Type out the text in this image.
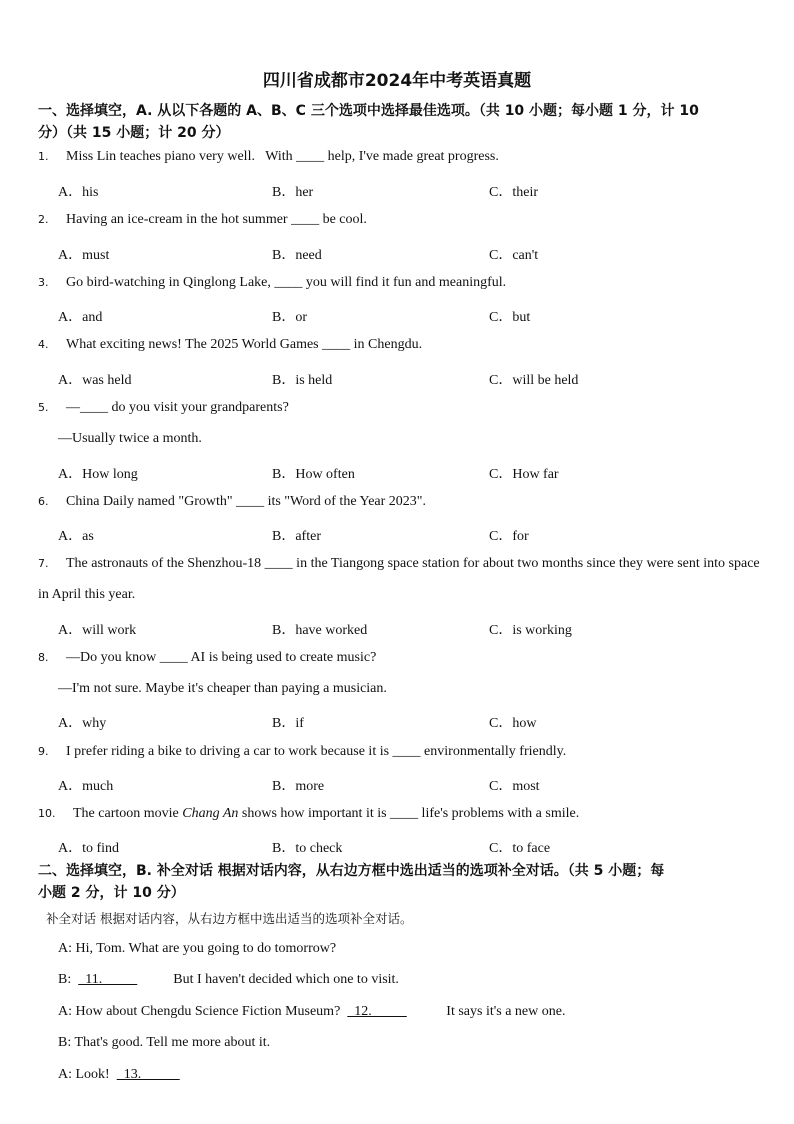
四川省成都市2024年中考英语真题
一、选择填空，A. 从以下各题的 A、B、C 三个选项中选择最佳选项。（共 10 小题；每小题 1 分，计 10
分）（共 15 小题；计 20 分）
1. Miss Lin teaches piano very well.   With ____ help, I've made great progress.
A．his	B．her	C．their
2. Having an ice-cream in the hot summer ____ be cool.
A．must	B．need	C．can't
3. Go bird-watching in Qinglong Lake, ____ you will find it fun and meaningful.
A．and	B．or	C．but
4. What exciting news! The 2025 World Games ____ in Chengdu.
A．was held	B．is held	C．will be held
5. —____ do you visit your grandparents?
—Usually twice a month.
A．How long	B．How often	C．How far
6. China Daily named "Growth" ____ its "Word of the Year 2023".
A．as	B．after	C．for
7. The astronauts of the Shenzhou-18 ____ in the Tiangong space station for about two months since they were sent into space in April this year.
A．will work	B．have worked	C．is working
8. —Do you know ____ AI is being used to create music?
—I'm not sure. Maybe it's cheaper than paying a musician.
A．why	B．if	C．how
9. I prefer riding a bike to driving a car to work because it is ____ environmentally friendly.
A．much	B．more	C．most
10. The cartoon movie Chang An shows how important it is ____ life's problems with a smile.
A．to find	B．to check	C．to face
二、选择填空，B. 补全对话 根据对话内容，从右边方框中选出适当的选项补全对话。（共 5 小题；每
小题 2 分，计 10 分）
补全对话 根据对话内容，从右边方框中选出适当的选项补全对话。
A: Hi, Tom. What are you going to do tomorrow?
B:    11.            But I haven't decided which one to visit.
A: How about Chengdu Science Fiction Museum?    12.            It says it's a new one.
B: That's good. Tell me more about it.
A: Look!    13.
